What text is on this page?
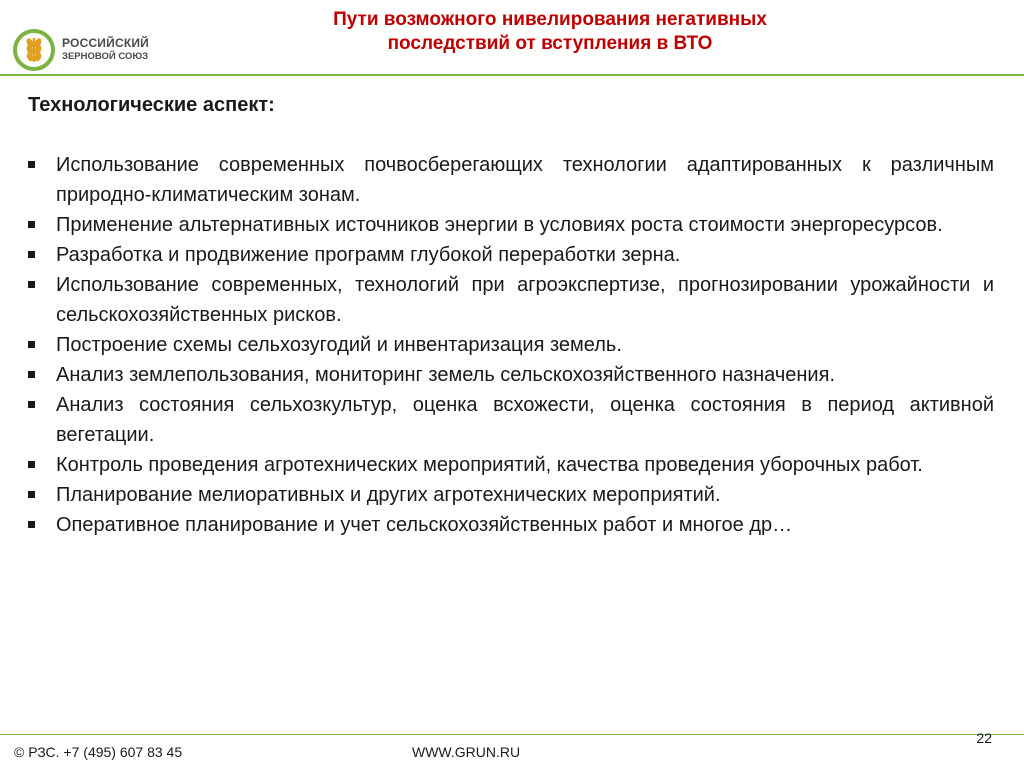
РОССИЙСКИЙ
ЗЕРНОВОЙ СОЮЗ
Пути возможного нивелирования негативных
последствий от вступления в ВТО
Технологические аспект:
Использование современных почвосберегающих технологии адаптированных к различным природно-климатическим зонам.
Применение альтернативных источников энергии в условиях роста стоимости энергоресурсов.
Разработка и продвижение программ глубокой переработки зерна.
Использование современных, технологий при агроэкспертизе, прогнозировании урожайности и сельскохозяйственных рисков.
Построение схемы сельхозугодий и инвентаризация земель.
Анализ землепользования, мониторинг земель сельскохозяйственного назначения.
Анализ состояния сельхозкультур, оценка всхожести, оценка состояния в период активной вегетации.
Контроль проведения агротехнических мероприятий, качества проведения уборочных работ.
Планирование мелиоративных и других агротехнических мероприятий.
Оперативное планирование и учет сельскохозяйственных работ и многое др…
22
© РЗС. +7 (495) 607 83 45	WWW.GRUN.RU
